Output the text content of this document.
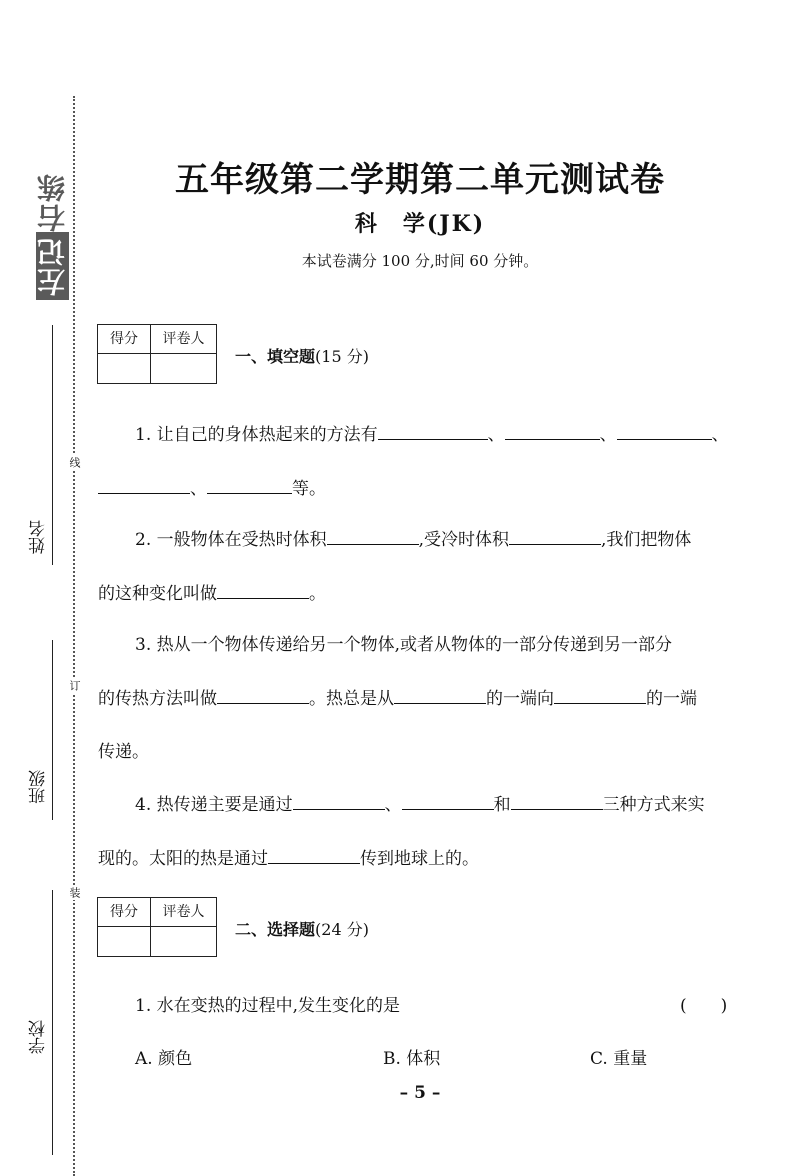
左记右练
姓名
班级
学校
线
订
装
五年级第二学期第二单元测试卷
科　学(JK)
本试卷满分 100 分,时间 60 分钟。
得分	评卷人
一、填空题(15 分)
1. 让自己的身体热起来的方法有	、	、	、
、	等。
2. 一般物体在受热时体积	,受冷时体积	,我们把物体
的这种变化叫做	。
3. 热从一个物体传递给另一个物体,或者从物体的一部分传递到另一部分
的传热方法叫做	。热总是从	的一端向	的一端
传递。
4. 热传递主要是通过	、	和	三种方式来实
现的。太阳的热是通过	传到地球上的。
得分	评卷人
二、选择题(24 分)
1. 水在变热的过程中,发生变化的是	(　　)
A. 颜色	B. 体积	C. 重量
– 5 –
